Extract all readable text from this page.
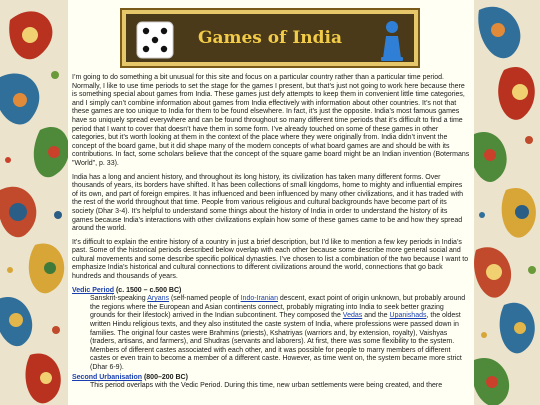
Games of India

I’m going to do something a bit unusual for this site and focus on a particular country rather than a particular time period. Normally, I like to use time periods to set the stage for the games I present, but that’s just not going to work here because there is something special about games from India. These games just defy attempts to keep them in convenient little time categories, and I simply can’t combine information about games from India effectively with information about other countries. It’s not that these games are too unique to India for them to be found elsewhere. In fact, it’s just the opposite. India’s most famous games have so uniquely spread everywhere and can be found throughout so many different time periods that it’s difficult to find a time period that I want to cover that doesn’t have them in some form. I’ve already touched on some of these games in other categories, but it’s worth looking at them in the context of the place where they were originally from. India didn’t invent the concept of the board game, but it did shape many of the modern concepts of what board games are and should be with its contributions. In fact, some scholars believe that the concept of the square game board might be an Indian invention (Botermans "World", p. 33).

India has a long and ancient history, and throughout its long history, its civilization has taken many different forms. Over thousands of years, its borders have shifted. It has been collections of small kingdoms, home to mighty and influential empires of its own, and part of foreign empires. It has influenced and been influenced by many other civilizations, and it has traded with the rest of the world throughout that time. People from various religious and cultural backgrounds have become part of its society (Dhar 3-4). It’s helpful to understand some things about the history of India in order to understand the history of its games because India’s interactions with other civilizations explain how some of these games came to be and how they spread around the world.

It’s difficult to explain the entire history of a country in just a brief description, but I’d like to mention a few key periods in India’s past. Some of the historical periods described below overlap with each other because some describe more general social and cultural movements and some describe specific political dynasties. I’ve chosen to list a combination of the two because I want to emphasize India’s historical and cultural connections to different civilizations around the world, connections that go back hundreds and thousands of years.

Vedic Period (c. 1500 – c.500 BC)
Sanskrit-speaking Aryans (self-named people of Indo-Iranian descent, exact point of origin unknown, but probably around the regions where the European and Asian continents connect, probably migrating into India to seek better grazing grounds for their lifestock) arrived in the Indian subcontinent. They composed the Vedas and the Upanishads, the oldest written Hindu religious texts, and they also instituted the caste system of India, where professions were passed down in families. The original four castes were Brahmins (priests), Kshatriyas (warriors and, by extension, royalty), Vaishyas (traders, artisans, and farmers), and Shudras (servants and laborers). At first, there was some flexibility to the system. Members of different castes associated with each other, and it was possible for people to marry members of different castes or even train to become a member of a different caste. However, as time went on, the system became more strict (Dhar 6-9).
Second Urbanisation (800–200 BC)
This period overlaps with the Vedic Period. During this time, new urban settlements were being created, and there
